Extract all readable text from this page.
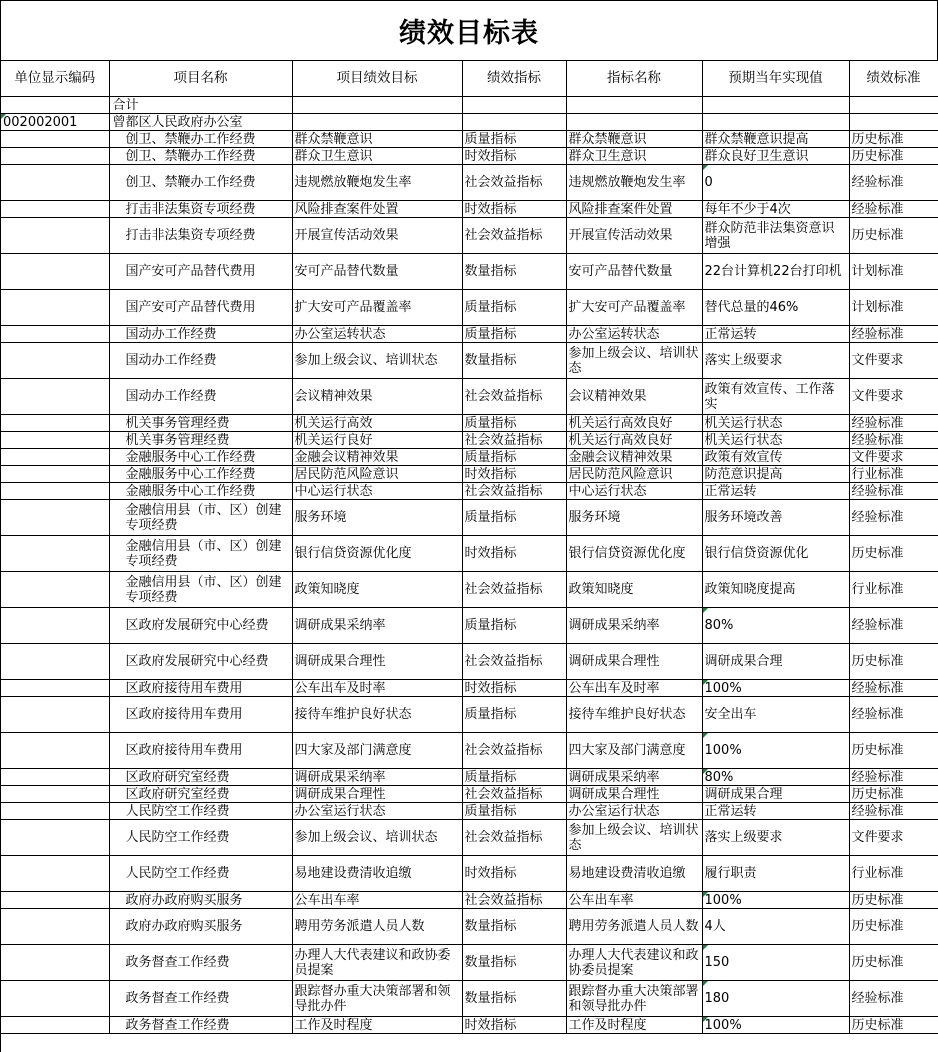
绩效目标表
单位显示编码	项目名称	项目绩效目标	绩效指标	指标名称	预期当年实现值	绩效标准
	合计					

002002001	曾都区人民政府办公室					
	创卫、禁鞭办工作经费	群众禁鞭意识	质量指标	群众禁鞭意识	群众禁鞭意识提高	历史标准
	创卫、禁鞭办工作经费	群众卫生意识	时效指标	群众卫生意识	群众良好卫生意识	历史标准
	创卫、禁鞭办工作经费	违规燃放鞭炮发生率	社会效益指标	违规燃放鞭炮发生率	0	经验标准
	打击非法集资专项经费	风险排查案件处置	时效指标	风险排查案件处置	每年不少于4次	经验标准
	打击非法集资专项经费	开展宣传活动效果	社会效益指标	开展宣传活动效果	群众防范非法集资意识增强	历史标准
	国产安可产品替代费用	安可产品替代数量	数量指标	安可产品替代数量	22台计算机22台打印机	计划标准
	国产安可产品替代费用	扩大安可产品覆盖率	质量指标	扩大安可产品覆盖率	替代总量的46%	计划标准
	国动办工作经费	办公室运转状态	质量指标	办公室运转状态	正常运转	经验标准
	国动办工作经费	参加上级会议、培训状态	数量指标	参加上级会议、培训状态	落实上级要求	文件要求
	国动办工作经费	会议精神效果	社会效益指标	会议精神效果	政策有效宣传、工作落实	文件要求
	机关事务管理经费	机关运行高效	质量指标	机关运行高效良好	机关运行状态	经验标准
	机关事务管理经费	机关运行良好	社会效益指标	机关运行高效良好	机关运行状态	经验标准
	金融服务中心工作经费	金融会议精神效果	质量指标	金融会议精神效果	政策有效宣传	文件要求
	金融服务中心工作经费	居民防范风险意识	时效指标	居民防范风险意识	防范意识提高	行业标准
	金融服务中心工作经费	中心运行状态	社会效益指标	中心运行状态	正常运转	经验标准
	金融信用县（市、区）创建专项经费	服务环境	质量指标	服务环境	服务环境改善	经验标准
	金融信用县（市、区）创建专项经费	银行信贷资源优化度	时效指标	银行信贷资源优化度	银行信贷资源优化	历史标准
	金融信用县（市、区）创建专项经费	政策知晓度	社会效益指标	政策知晓度	政策知晓度提高	行业标准
	区政府发展研究中心经费	调研成果采纳率	质量指标	调研成果采纳率	80%	经验标准
	区政府发展研究中心经费	调研成果合理性	社会效益指标	调研成果合理性	调研成果合理	历史标准
	区政府接待用车费用	公车出车及时率	时效指标	公车出车及时率	100%	经验标准
	区政府接待用车费用	接待车维护良好状态	质量指标	接待车维护良好状态	安全出车	经验标准
	区政府接待用车费用	四大家及部门满意度	社会效益指标	四大家及部门满意度	100%	历史标准
	区政府研究室经费	调研成果采纳率	质量指标	调研成果采纳率	80%	经验标准
	区政府研究室经费	调研成果合理性	社会效益指标	调研成果合理性	调研成果合理	历史标准
	人民防空工作经费	办公室运行状态	质量指标	办公室运行状态	正常运转	经验标准
	人民防空工作经费	参加上级会议、培训状态	社会效益指标	参加上级会议、培训状态	落实上级要求	文件要求
	人民防空工作经费	易地建设费清收追缴	时效指标	易地建设费清收追缴	履行职责	行业标准
	政府办政府购买服务	公车出车率	社会效益指标	公车出车率	100%	历史标准
	政府办政府购买服务	聘用劳务派遣人员人数	数量指标	聘用劳务派遣人员人数	4人	历史标准
	政务督查工作经费	办理人大代表建议和政协委员提案	数量指标	办理人大代表建议和政协委员提案	150	历史标准
	政务督查工作经费	跟踪督办重大决策部署和领导批办件	数量指标	跟踪督办重大决策部署和领导批办件	180	经验标准
	政务督查工作经费	工作及时程度	时效指标	工作及时程度	100%	历史标准
